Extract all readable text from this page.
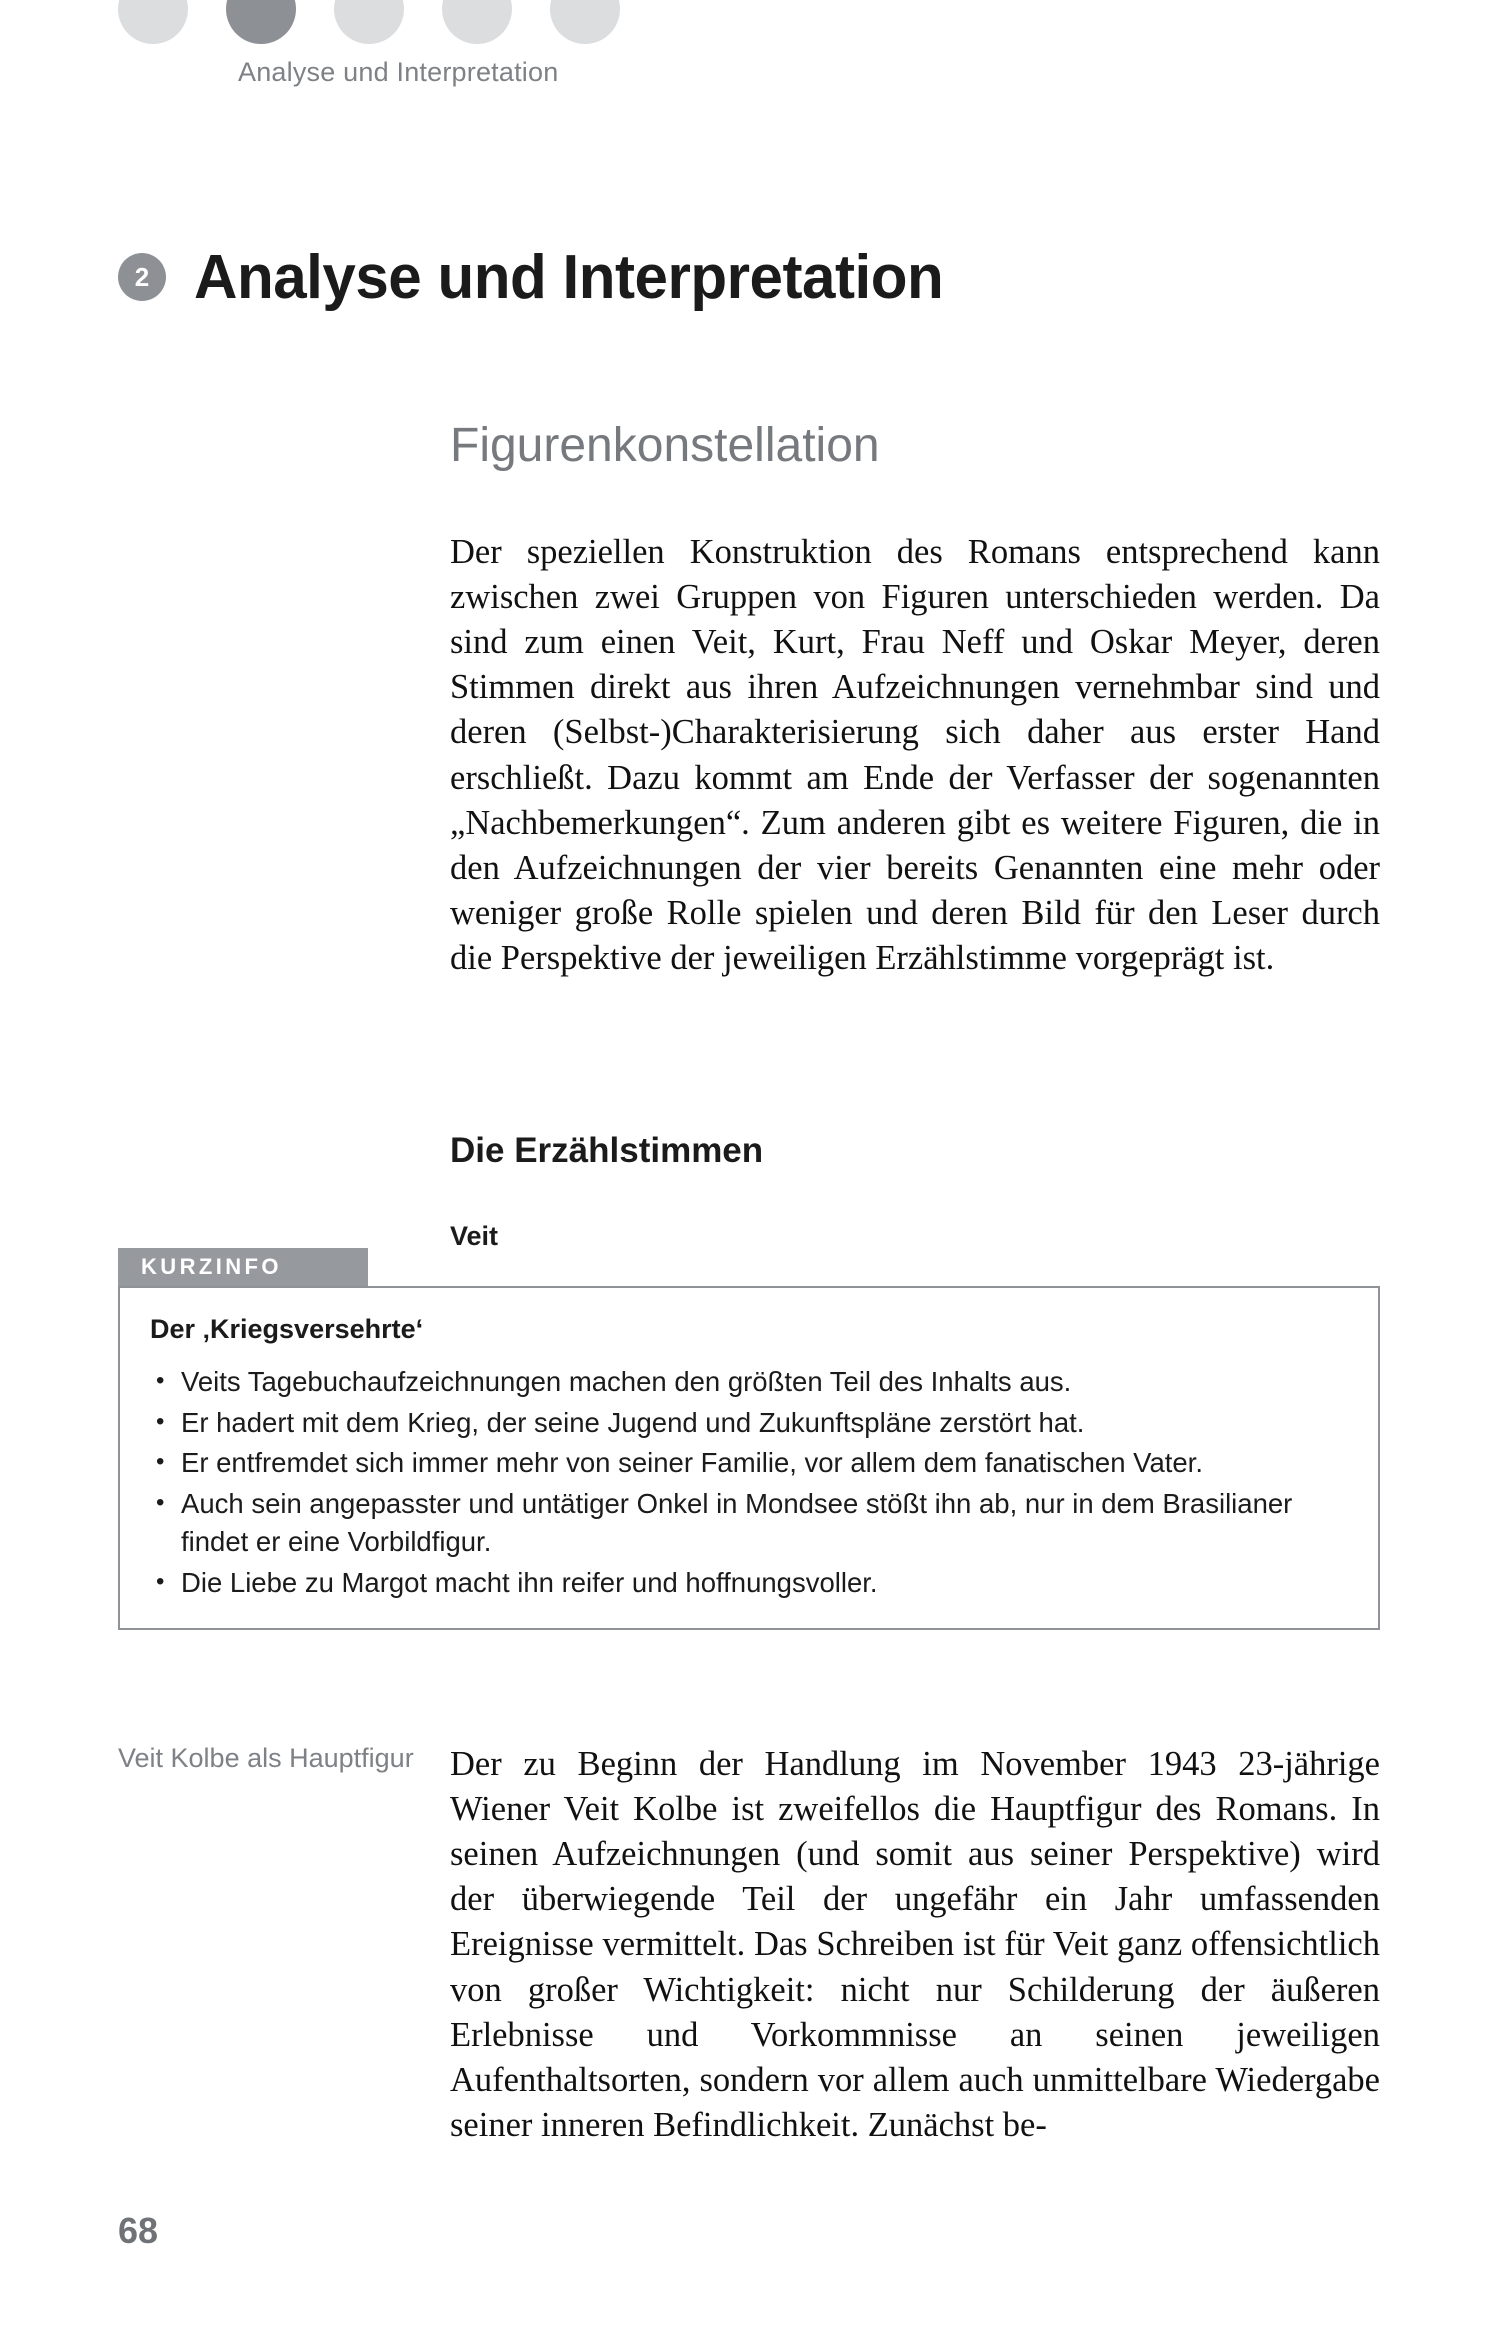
Analyse und Interpretation
2 Analyse und Interpretation
Figurenkonstellation

Der speziellen Konstruktion des Romans entsprechend kann zwischen zwei Gruppen von Figuren unterschieden werden. Da sind zum einen Veit, Kurt, Frau Neff und Oskar Meyer, deren Stimmen direkt aus ihren Aufzeichnungen vernehmbar sind und deren (Selbst-)Charakterisierung sich daher aus erster Hand erschließt. Dazu kommt am Ende der Verfasser der sogenannten „Nachbemerkungen“. Zum anderen gibt es weitere Figuren, die in den Aufzeichnungen der vier bereits Genannten eine mehr oder weniger große Rolle spielen und deren Bild für den Leser durch die Perspektive der jeweiligen Erzählstimme vorgeprägt ist.

Die Erzählstimmen
Veit
KURZINFO
Der ‚Kriegsversehrte‘
• Veits Tagebuchaufzeichnungen machen den größten Teil des Inhalts aus.
• Er hadert mit dem Krieg, der seine Jugend und Zukunftspläne zerstört hat.
• Er entfremdet sich immer mehr von seiner Familie, vor allem dem fanatischen Vater.
• Auch sein angepasster und untätiger Onkel in Mondsee stößt ihn ab, nur in dem Brasilianer findet er eine Vorbildfigur.
• Die Liebe zu Margot macht ihn reifer und hoffnungsvoller.
Veit Kolbe als Hauptfigur Der zu Beginn der Handlung im November 1943 23-jährige Wiener Veit Kolbe ist zweifellos die Hauptfigur des Romans. In seinen Aufzeichnungen (und somit aus seiner Perspektive) wird der überwiegende Teil der ungefähr ein Jahr umfassenden Ereignisse vermittelt. Das Schreiben ist für Veit ganz offensichtlich von großer Wichtigkeit: nicht nur Schilderung der äußeren Erlebnisse und Vorkommnisse an seinen jeweiligen Aufenthaltsorten, sondern vor allem auch unmittelbare Wiedergabe seiner inneren Befindlichkeit. Zunächst be-

68
